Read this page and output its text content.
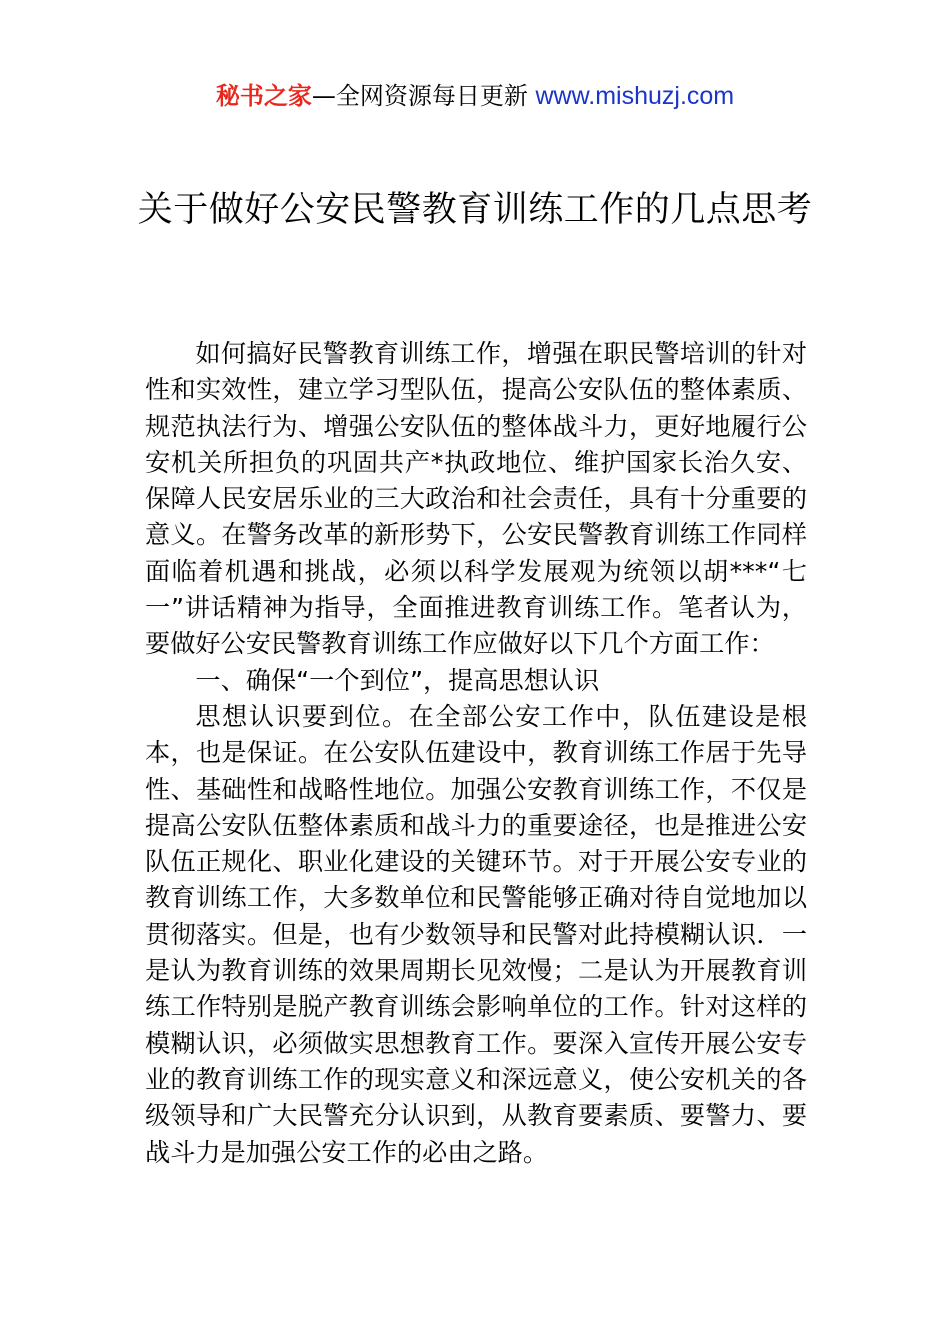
秘书之家—全网资源每日更新 www.mishuzj.com
关于做好公安民警教育训练工作的几点思考

如何搞好民警教育训练工作，增强在职民警培训的针对性和实效性，建立学习型队伍，提高公安队伍的整体素质、规范执法行为、增强公安队伍的整体战斗力，更好地履行公安机关所担负的巩固共产*执政地位、维护国家长治久安、保障人民安居乐业的三大政治和社会责任，具有十分重要的意义。在警务改革的新形势下，公安民警教育训练工作同样面临着机遇和挑战，必须以科学发展观为统领以胡***“七一”讲话精神为指导，全面推进教育训练工作。笔者认为，要做好公安民警教育训练工作应做好以下几个方面工作：

一、确保“一个到位”，提高思想认识

思想认识要到位。在全部公安工作中，队伍建设是根本，也是保证。在公安队伍建设中，教育训练工作居于先导性、基础性和战略性地位。加强公安教育训练工作，不仅是提高公安队伍整体素质和战斗力的重要途径，也是推进公安队伍正规化、职业化建设的关键环节。对于开展公安专业的教育训练工作，大多数单位和民警能够正确对待自觉地加以贯彻落实。但是，也有少数领导和民警对此持模糊认识．一是认为教育训练的效果周期长见效慢；二是认为开展教育训练工作特别是脱产教育训练会影响单位的工作。针对这样的模糊认识，必须做实思想教育工作。要深入宣传开展公安专业的教育训练工作的现实意义和深远意义，使公安机关的各级领导和广大民警充分认识到，从教育要素质、要警力、要战斗力是加强公安工作的必由之路。
